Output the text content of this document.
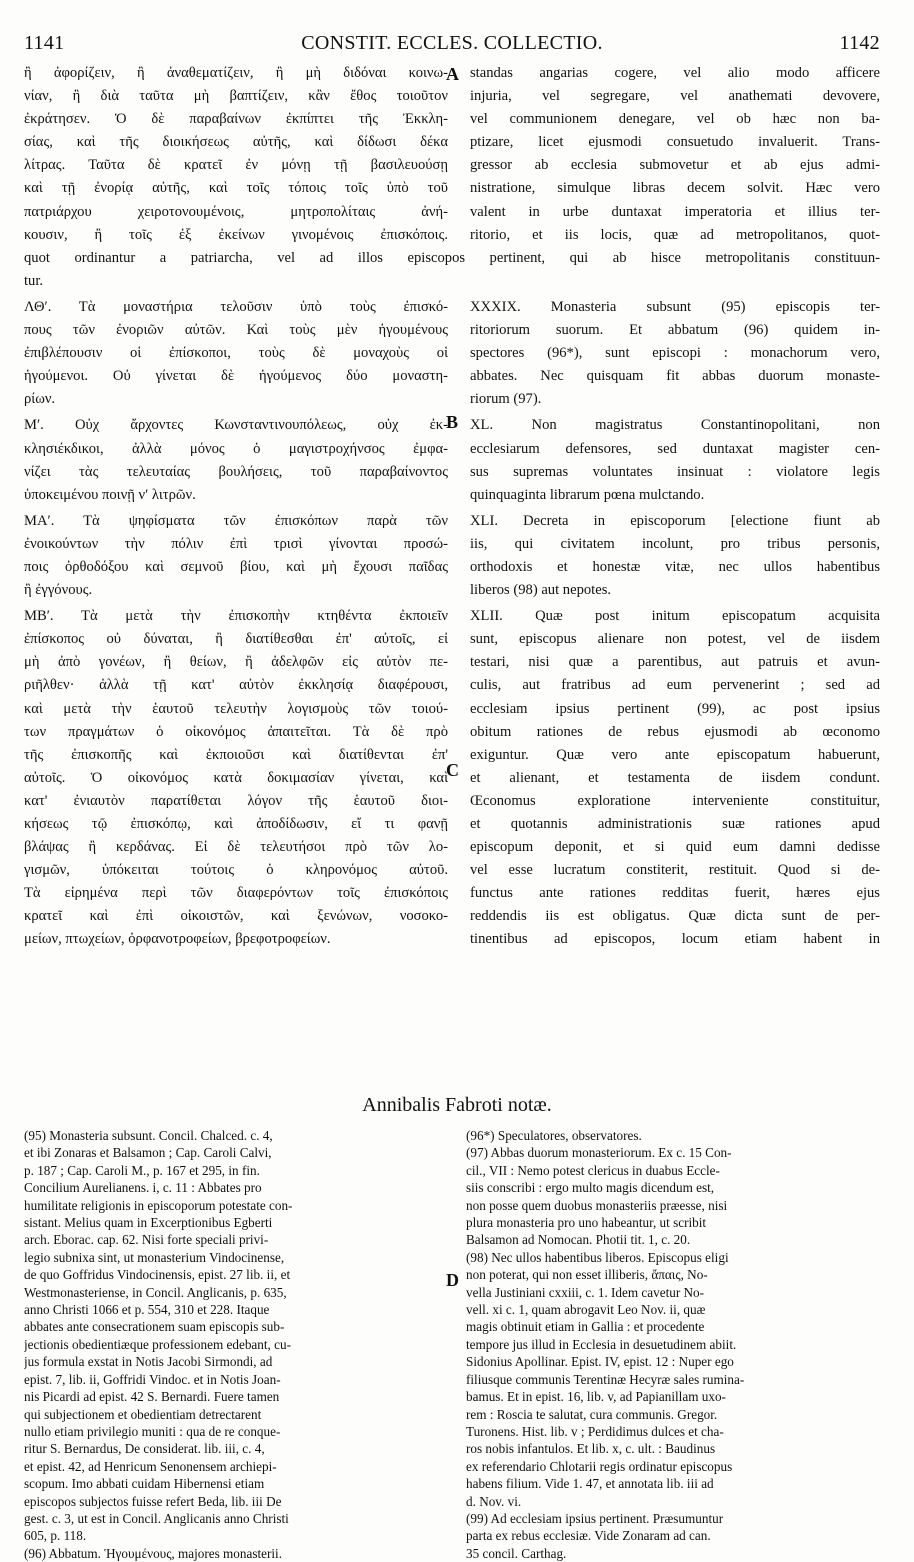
1141	CONSTIT. ECCLES. COLLECTIO.	1142
A
B
C
D
ἢ ἀφορίζειν, ἢ ἀναθεματίζειν, ἢ μὴ διδόναι κοινω-
νίαν, ἢ διὰ ταῦτα μὴ βαπτίζειν, κἂν ἔθος τοιοῦτον
ἐκράτησεν. Ὁ δὲ παραβαίνων ἐκπίπτει τῆς Ἐκκλη-
σίας, καὶ τῆς διοικήσεως αὐτῆς, καὶ δίδωσι δέκα
λίτρας. Ταῦτα δὲ κρατεῖ ἐν μόνῃ τῇ βασιλευούσῃ
καὶ τῇ ἐνορίᾳ αὐτῆς, καὶ τοῖς τόποις τοῖς ὑπὸ τοῦ
πατριάρχου χειροτονουμένοις, μητροπολίταις ἀνή-
κουσιν, ἢ τοῖς ἐξ ἐκείνων γινομένοις ἐπισκόποις.
standas angarias cogere, vel alio modo afficere
injuria, vel segregare, vel anathemati devovere,
vel communionem denegare, vel ob hæc non ba-
ptizare, licet ejusmodi consuetudo invaluerit. Trans-
gressor ab ecclesia submovetur et ab ejus admi-
nistratione, simulque libras decem solvit. Hæc vero
valent in urbe duntaxat imperatoria et illius ter-
ritorio, et iis locis, quæ ad metropolitanos, quot-
quot ordinantur a patriarcha, vel ad illos episcopos pertinent, qui ab hisce metropolitanis constituun-
tur.

ΛΘʹ. Τὰ μοναστήρια τελοῦσιν ὑπὸ τοὺς ἐπισκό-
πους τῶν ἐνοριῶν αὐτῶν. Καὶ τοὺς μὲν ἡγουμένους
ἐπιβλέπουσιν οἱ ἐπίσκοποι, τοὺς δὲ μοναχοὺς οἱ
ἡγούμενοι. Οὐ γίνεται δὲ ἡγούμενος δύο μοναστη-
ρίων.

Μʹ. Οὐχ ἄρχοντες Κωνσταντινουπόλεως, οὐχ ἐκ-
κλησιέκδικοι, ἀλλὰ μόνος ὁ μαγιστροχήνσος ἐμφα-
νίζει τὰς τελευταίας βουλήσεις, τοῦ παραβαίνοντος
ὑποκειμένου ποινῇ νʹ λιτρῶν.

ΜΑʹ. Τὰ ψηφίσματα τῶν ἐπισκόπων παρὰ τῶν
ἐνοικούντων τὴν πόλιν ἐπὶ τρισὶ γίνονται προσώ-
ποις ὀρθοδόξου καὶ σεμνοῦ βίου, καὶ μὴ ἔχουσι παῖδας
ἢ ἐγγόνους.

ΜΒʹ. Τὰ μετὰ τὴν ἐπισκοπὴν κτηθέντα ἐκποιεῖν
ἐπίσκοπος οὐ δύναται, ἢ διατίθεσθαι ἐπ' αὐτοῖς, εἰ
μὴ ἀπὸ γονέων, ἢ θείων, ἢ ἀδελφῶν εἰς αὐτὸν πε-
ριῆλθεν· ἀλλὰ τῇ κατ' αὐτὸν ἐκκλησίᾳ διαφέρουσι,
καὶ μετὰ τὴν ἑαυτοῦ τελευτὴν λογισμοὺς τῶν τοιού-
των πραγμάτων ὁ οἰκονόμος ἀπαιτεῖται. Τὰ δὲ πρὸ
τῆς ἐπισκοπῆς καὶ ἐκποιοῦσι καὶ διατίθενται ἐπ'
αὐτοῖς. Ὁ οἰκονόμος κατὰ δοκιμασίαν γίνεται, καὶ
κατ' ἐνιαυτὸν παρατίθεται λόγον τῆς ἑαυτοῦ διοι-
κήσεως τῷ ἐπισκόπῳ, καὶ ἀποδίδωσιν, εἴ τι φανῇ
βλάψας ἢ κερδάνας. Εἰ δὲ τελευτήσοι πρὸ τῶν λο-
γισμῶν, ὑπόκειται τούτοις ὁ κληρονόμος αὐτοῦ.
Τὰ εἰρημένα περὶ τῶν διαφερόντων τοῖς ἐπισκόποις
κρατεῖ καὶ ἐπὶ οἰκοιστῶν, καὶ ξενώνων, νοσοκο-
μείων, πτωχείων, ὀρφανοτροφείων, βρεφοτροφείων.

XXXIX. Monasteria subsunt (95) episcopis ter-
ritoriorum suorum. Et abbatum (96) quidem in-
spectores (96*), sunt episcopi : monachorum vero,
abbates. Nec quisquam fit abbas duorum monaste-
riorum (97).

XL. Non magistratus Constantinopolitani, non
ecclesiarum defensores, sed duntaxat magister cen-
sus supremas voluntates insinuat : violatore legis
quinquaginta librarum pœna mulctando.

XLI. Decreta in episcoporum [electione fiunt ab
iis, qui civitatem incolunt, pro tribus personis,
orthodoxis et honestæ vitæ, nec ullos habentibus
liberos (98) aut nepotes.

XLII. Quæ post initum episcopatum acquisita
sunt, episcopus alienare non potest, vel de iisdem
testari, nisi quæ a parentibus, aut patruis et avun-
culis, aut fratribus ad eum pervenerint ; sed ad
ecclesiam ipsius pertinent (99), ac post ipsius
obitum rationes de rebus ejusmodi ab œconomo
exiguntur. Quæ vero ante episcopatum habuerunt,
et alienant, et testamenta de iisdem condunt.
Œconomus exploratione interveniente constituitur,
et quotannis administrationis suæ rationes apud
episcopum deponit, et si quid eum damni dedisse
vel esse lucratum constiterit, restituit. Quod si de-
functus ante rationes redditas fuerit, hæres ejus
reddendis iis est obligatus. Quæ dicta sunt de per-
tinentibus ad episcopos, locum etiam habent in

Annibalis Fabroti notæ.
(95) Monasteria subsunt. Concil. Chalced. c. 4,
et ibi Zonaras et Balsamon ; Cap. Caroli Calvi,
p. 187 ; Cap. Caroli M., p. 167 et 295, in fin.
Concilium Aurelianens. i, c. 11 : Abbates pro
humilitate religionis in episcoporum potestate con-
sistant. Melius quam in Excerptionibus Egberti
arch. Eborac. cap. 62. Nisi forte speciali privi-
legio subnixa sint, ut monasterium Vindocinense,
de quo Goffridus Vindocinensis, epist. 27 lib. ii, et
Westmonasteriense, in Concil. Anglicanis, p. 635,
anno Christi 1066 et p. 554, 310 et 228. Itaque
abbates ante consecrationem suam episcopis sub-
jectionis obedientiæque professionem edebant, cu-
jus formula exstat in Notis Jacobi Sirmondi, ad
epist. 7, lib. ii, Goffridi Vindoc. et in Notis Joan-
nis Picardi ad epist. 42 S. Bernardi. Fuere tamen
qui subjectionem et obedientiam detrectarent
nullo etiam privilegio muniti : qua de re conque-
ritur S. Bernardus, De considerat. lib. iii, c. 4,
et epist. 42, ad Henricum Senonensem archiepi-
scopum. Imo abbati cuidam Hibernensi etiam
episcopos subjectos fuisse refert Beda, lib. iii De
gest. c. 3, ut est in Concil. Anglicanis anno Christi
605, p. 118.
(96) Abbatum. Ἡγουμένους, majores monasterii.
(96*) Speculatores, observatores.
(97) Abbas duorum monasteriorum. Ex c. 15 Con-
cil., VII : Nemo potest clericus in duabus Eccle-
siis conscribi : ergo multo magis dicendum est,
non posse quem duobus monasteriis præesse, nisi
plura monasteria pro uno habeantur, ut scribit
Balsamon ad Nomocan. Photii tit. 1, c. 20.
(98) Nec ullos habentibus liberos. Episcopus eligi
non poterat, qui non esset illiberis, ἄπαις, No-
vella Justiniani cxxiii, c. 1. Idem cavetur No-
vell. xi c. 1, quam abrogavit Leo Nov. ii, quæ
magis obtinuit etiam in Gallia : et procedente
tempore jus illud in Ecclesia in desuetudinem abiit.
Sidonius Apollinar. Epist. IV, epist. 12 : Nuper ego
filiusque communis Terentinæ Hecyræ sales rumina-
bamus. Et in epist. 16, lib. v, ad Papianillam uxo-
rem : Roscia te salutat, cura communis. Gregor.
Turonens. Hist. lib. v ; Perdidimus dulces et cha-
ros nobis infantulos. Et lib. x, c. ult. : Baudinus
ex referendario Chlotarii regis ordinatur episcopus
habens filium. Vide 1. 47, et annotata lib. iii ad
d. Nov. vi.
(99) Ad ecclesiam ipsius pertinent. Præsumuntur
parta ex rebus ecclesiæ. Vide Zonaram ad can.
35 concil. Carthag.
